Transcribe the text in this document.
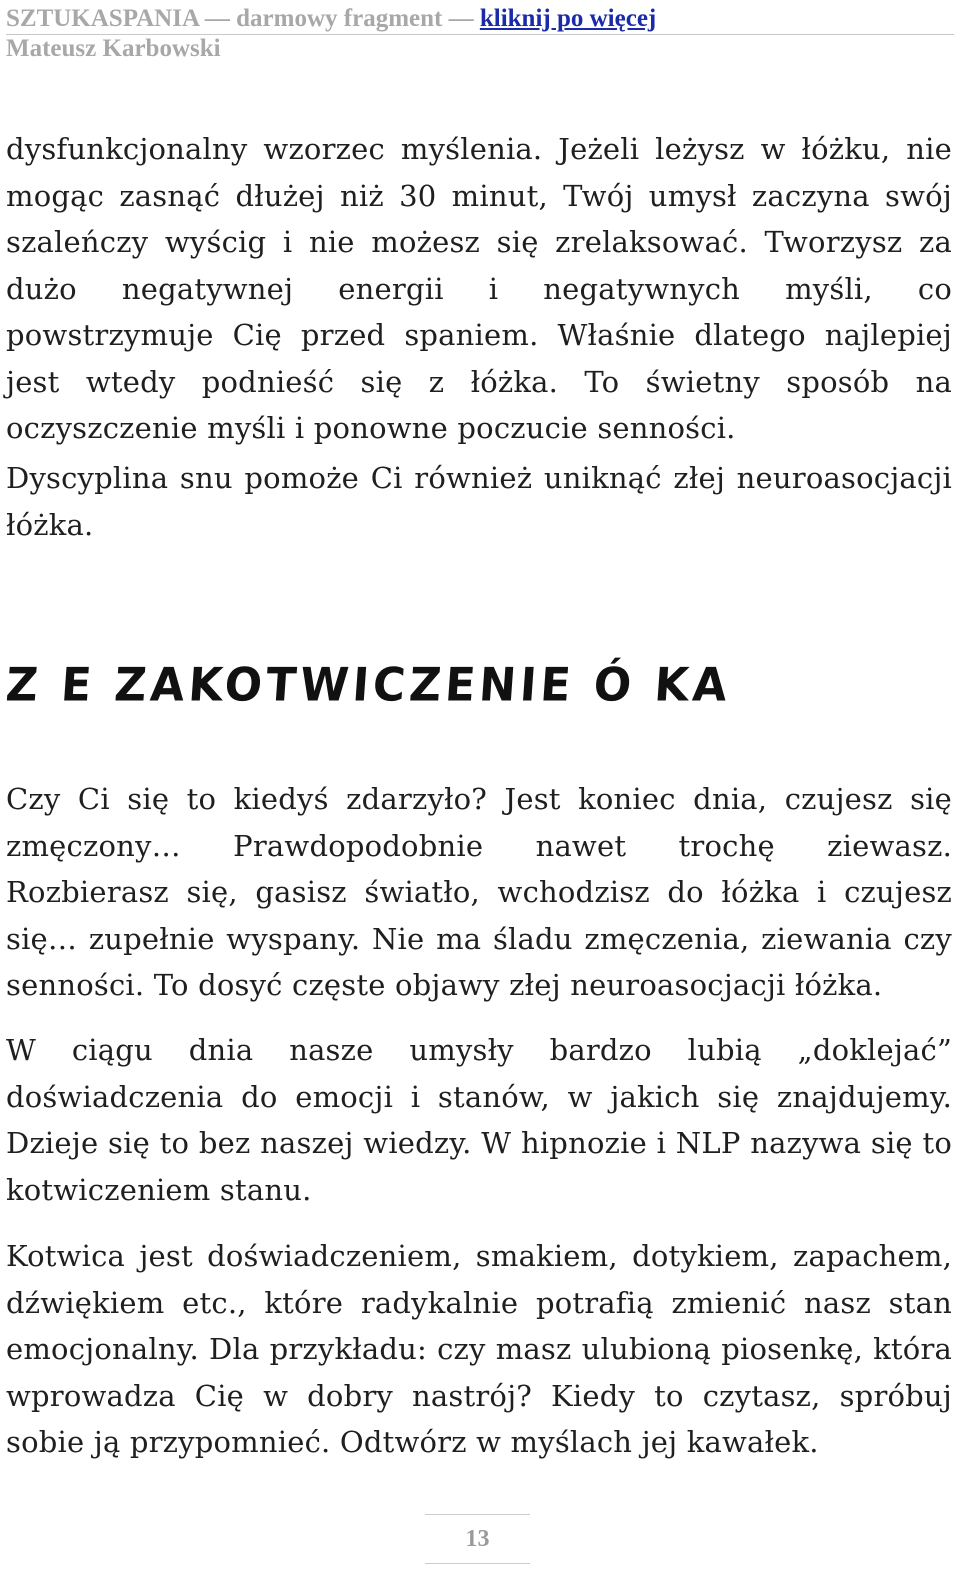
SZTUKASPANIA — darmowy fragment — kliknij po więcej
Mateusz Karbowski

dysfunkcjonalny wzorzec myślenia. Jeżeli leżysz w łóżku, nie mogąc zasnąć dłużej niż 30 minut, Twój umysł zaczyna swój szaleńczy wyścig i nie możesz się zrelaksować. Tworzysz za dużo negatywnej energii i negatywnych myśli, co powstrzymuje Cię przed spaniem. Właśnie dlatego najlepiej jest wtedy podnieść się z łóżka. To świetny sposób na oczyszczenie myśli i ponowne poczucie senności.

Dyscyplina snu pomoże Ci również uniknąć złej neuroasocjacji łóżka.

Z E ZAKOTWICZENIE Ó KA

Czy Ci się to kiedyś zdarzyło? Jest koniec dnia, czujesz się zmęczony… Prawdopodobnie nawet trochę ziewasz. Rozbierasz się, gasisz światło, wchodzisz do łóżka i czujesz się… zupełnie wyspany. Nie ma śladu zmęczenia, ziewania czy senności. To dosyć częste objawy złej neuroasocjacji łóżka.

W ciągu dnia nasze umysły bardzo lubią „doklejać” doświadczenia do emocji i stanów, w jakich się znajdujemy. Dzieje się to bez naszej wiedzy. W hipnozie i NLP nazywa się to kotwiczeniem stanu.

Kotwica jest doświadczeniem, smakiem, dotykiem, zapachem, dźwiękiem etc., które radykalnie potrafią zmienić nasz stan emocjonalny. Dla przykładu: czy masz ulubioną piosenkę, która wprowadza Cię w dobry nastrój? Kiedy to czytasz, spróbuj sobie ją przypomnieć. Odtwórz w myślach jej kawałek.

13
